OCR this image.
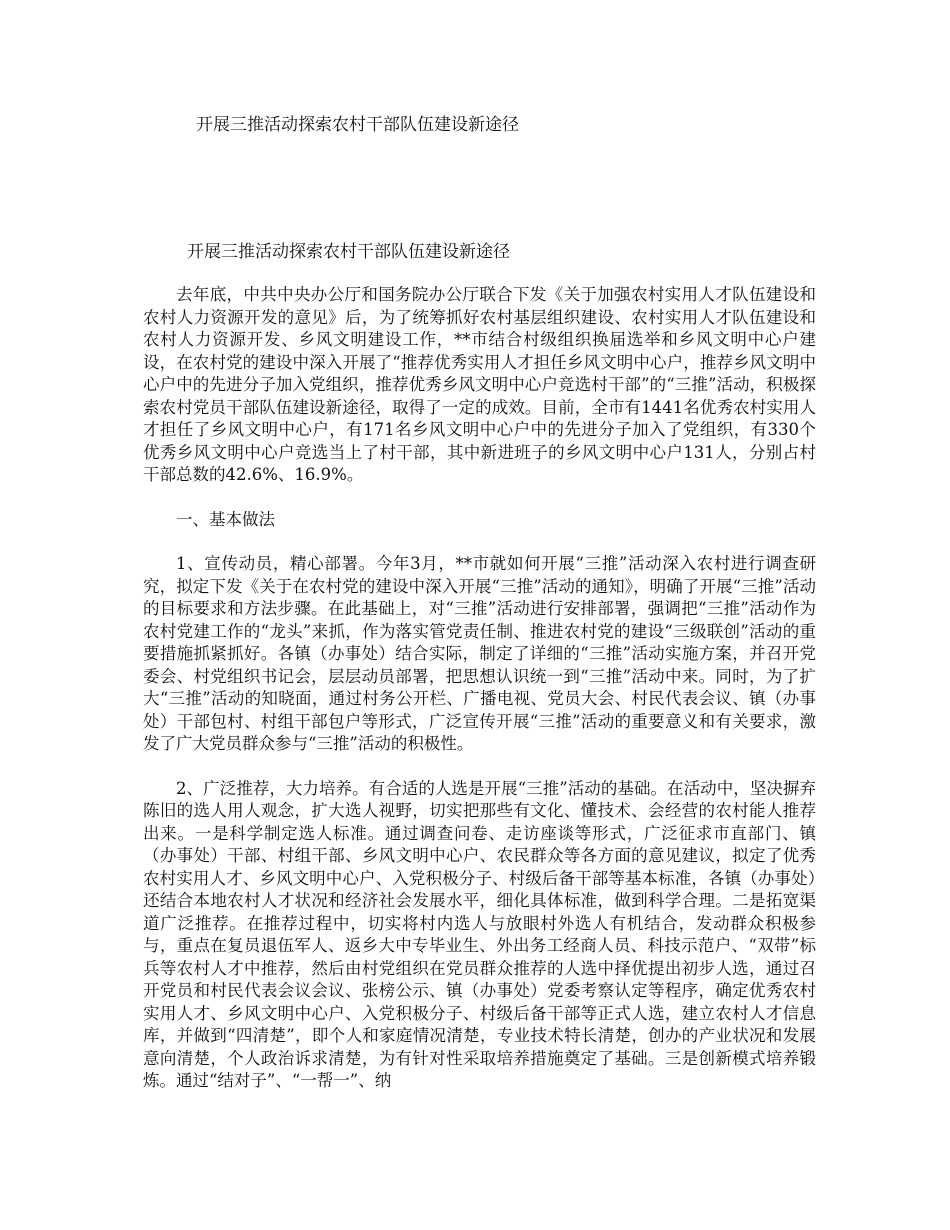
开展三推活动探索农村干部队伍建设新途径
开展三推活动探索农村干部队伍建设新途径

去年底，中共中央办公厅和国务院办公厅联合下发《关于加强农村实用人才队伍建设和农村人力资源开发的意见》后，为了统筹抓好农村基层组织建设、农村实用人才队伍建设和农村人力资源开发、乡风文明建设工作，**市结合村级组织换届选举和乡风文明中心户建设，在农村党的建设中深入开展了“推荐优秀实用人才担任乡风文明中心户，推荐乡风文明中心户中的先进分子加入党组织，推荐优秀乡风文明中心户竞选村干部”的“三推”活动，积极探索农村党员干部队伍建设新途径，取得了一定的成效。目前，全市有1441名优秀农村实用人才担任了乡风文明中心户，有171名乡风文明中心户中的先进分子加入了党组织，有330个优秀乡风文明中心户竞选当上了村干部，其中新进班子的乡风文明中心户131人，分别占村干部总数的42.6%、16.9%。

一、基本做法

1、宣传动员，精心部署。今年3月，**市就如何开展“三推”活动深入农村进行调查研究，拟定下发《关于在农村党的建设中深入开展“三推”活动的通知》，明确了开展“三推”活动的目标要求和方法步骤。在此基础上，对“三推”活动进行安排部署，强调把“三推”活动作为农村党建工作的“龙头”来抓，作为落实管党责任制、推进农村党的建设“三级联创”活动的重要措施抓紧抓好。各镇（办事处）结合实际，制定了详细的“三推”活动实施方案，并召开党委会、村党组织书记会，层层动员部署，把思想认识统一到“三推”活动中来。同时，为了扩大“三推”活动的知晓面，通过村务公开栏、广播电视、党员大会、村民代表会议、镇（办事处）干部包村、村组干部包户等形式，广泛宣传开展“三推”活动的重要意义和有关要求，激发了广大党员群众参与“三推”活动的积极性。

2、广泛推荐，大力培养。有合适的人选是开展“三推”活动的基础。在活动中，坚决摒弃陈旧的选人用人观念，扩大选人视野，切实把那些有文化、懂技术、会经营的农村能人推荐出来。一是科学制定选人标准。通过调查问卷、走访座谈等形式，广泛征求市直部门、镇（办事处）干部、村组干部、乡风文明中心户、农民群众等各方面的意见建议，拟定了优秀农村实用人才、乡风文明中心户、入党积极分子、村级后备干部等基本标准，各镇（办事处）还结合本地农村人才状况和经济社会发展水平，细化具体标准，做到科学合理。二是拓宽渠道广泛推荐。在推荐过程中，切实将村内选人与放眼村外选人有机结合，发动群众积极参与，重点在复员退伍军人、返乡大中专毕业生、外出务工经商人员、科技示范户、“双带”标兵等农村人才中推荐，然后由村党组织在党员群众推荐的人选中择优提出初步人选，通过召开党员和村民代表会议会议、张榜公示、镇（办事处）党委考察认定等程序，确定优秀农村实用人才、乡风文明中心户、入党积极分子、村级后备干部等正式人选，建立农村人才信息库，并做到“四清楚”，即个人和家庭情况清楚，专业技术特长清楚，创办的产业状况和发展意向清楚，个人政治诉求清楚，为有针对性采取培养措施奠定了基础。三是创新模式培养锻炼。通过“结对子”、“一帮一”、纳
